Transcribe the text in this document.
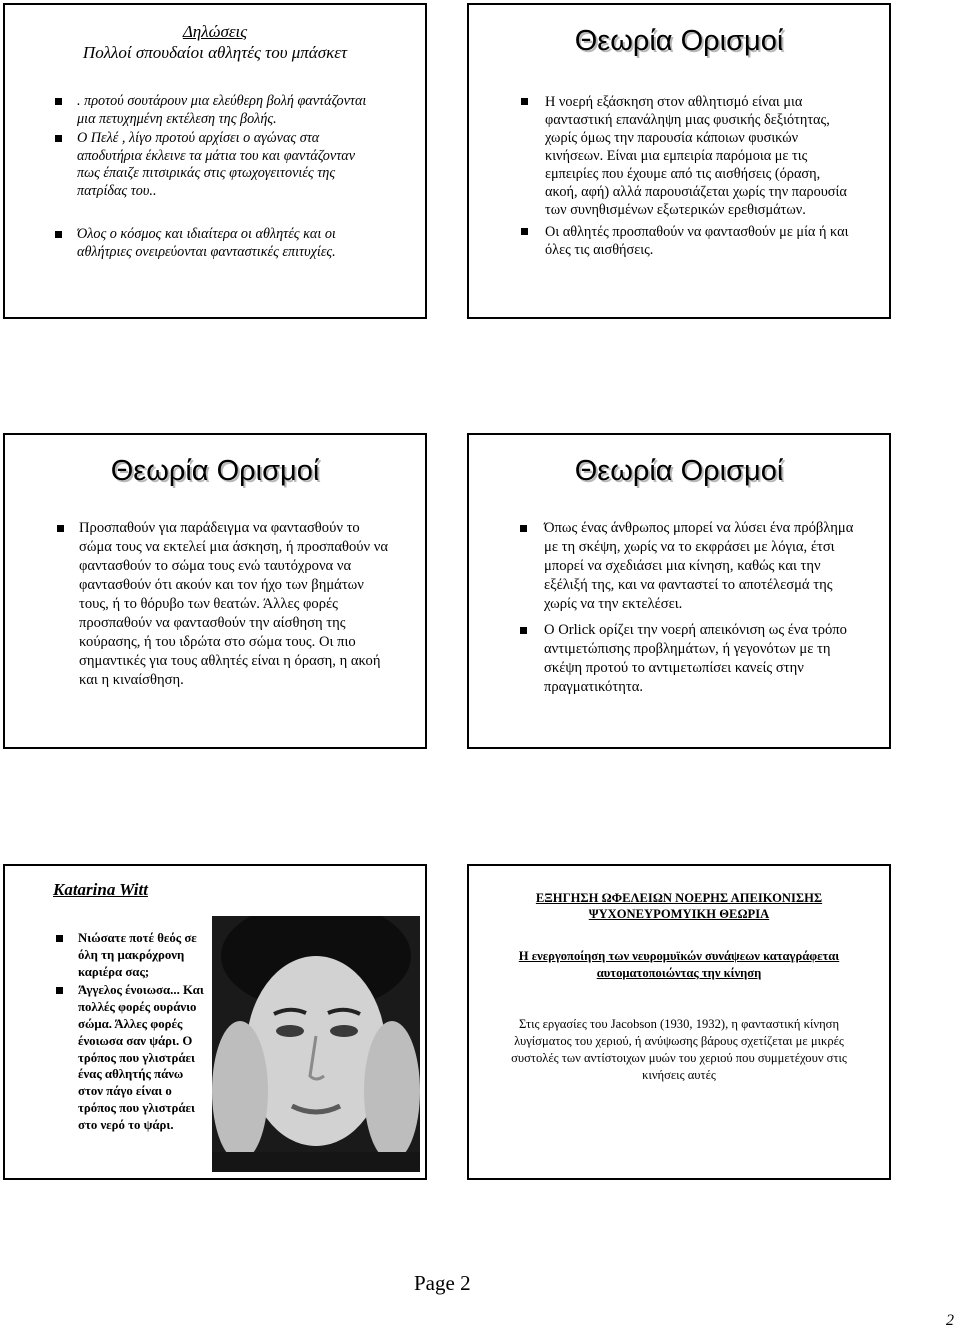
Δηλώσεις
Πολλοί σπουδαίοι αθλητές του μπάσκετ
. προτού σουτάρουν μια ελεύθερη βολή φαντάζονται μια πετυχημένη εκτέλεση της βολής.
Ο Πελέ , λίγο προτού αρχίσει ο αγώνας στα αποδυτήρια έκλεινε τα μάτια του και φαντάζονταν πως έπαιζε πιτσιρικάς στις φτωχογειτονιές της πατρίδας του..
Όλος ο κόσμος και ιδιαίτερα οι αθλητές και οι αθλήτριες ονειρεύονται φανταστικές επιτυχίες.
Θεωρία Ορισμοί
Η νοερή εξάσκηση στον αθλητισμό είναι μια φανταστική επανάληψη μιας φυσικής δεξιότητας, χωρίς όμως την παρουσία κάποιων φυσικών κινήσεων. Είναι μια εμπειρία παρόμοια με τις εμπειρίες που έχουμε από τις αισθήσεις (όραση, ακοή, αφή) αλλά παρουσιάζεται χωρίς την παρουσία των συνηθισμένων εξωτερικών ερεθισμάτων.
Οι αθλητές προσπαθούν να φαντασθούν με μία ή και όλες τις αισθήσεις.
Θεωρία Ορισμοί
Προσπαθούν για παράδειγμα να φαντασθούν το σώμα τους να εκτελεί μια άσκηση, ή προσπαθούν να φαντασθούν το σώμα τους ενώ ταυτόχρονα να φαντασθούν ότι ακούν και τον ήχο των βημάτων τους, ή το θόρυβο των θεατών. Άλλες φορές προσπαθούν να φαντασθούν την αίσθηση της κούρασης, ή του ιδρώτα στο σώμα τους. Οι πιο σημαντικές για τους αθλητές είναι η όραση, η ακοή και η κιναίσθηση.
Θεωρία Ορισμοί
Όπως ένας άνθρωπος μπορεί να λύσει ένα πρόβλημα με τη σκέψη, χωρίς να το εκφράσει με λόγια, έτσι μπορεί να σχεδιάσει μια κίνηση, καθώς και την εξέλιξή της, και να φανταστεί το αποτέλεσμά της χωρίς να την εκτελέσει.
Ο Orlick ορίζει την νοερή απεικόνιση ως ένα τρόπο αντιμετώπισης προβλημάτων, ή γεγονότων με τη σκέψη προτού το αντιμετωπίσει κανείς στην πραγματικότητα.
Katarina Witt
Νιώσατε ποτέ θεός σε όλη τη μακρόχρονη καριέρα σας;
Άγγελος ένοιωσα... Και πολλές φορές ουράνιο σώμα. Άλλες φορές ένοιωσα σαν ψάρι. Ο τρόπος που γλιστράει ένας αθλητής πάνω στον πάγο είναι ο τρόπος που γλιστράει στο νερό το ψάρι.
ΕΞΗΓΗΣΗ ΩΦΕΛΕΙΩΝ ΝΟΕΡΗΣ ΑΠΕΙΚΟΝΙΣΗΣ ΨΥΧΟΝΕΥΡΟΜΥΙΚΗ ΘΕΩΡΙΑ
Η ενεργοποίηση των νευρομυϊκών συνάψεων καταγράφεται αυτοματοποιώντας την κίνηση
Στις εργασίες του Jacobson (1930, 1932), η φανταστική κίνηση λυγίσματος του χεριού, ή ανύψωσης βάρους σχετίζεται με μικρές συστολές των αντίστοιχων μυών του χεριού που συμμετέχουν στις κινήσεις αυτές
Page 2
2
